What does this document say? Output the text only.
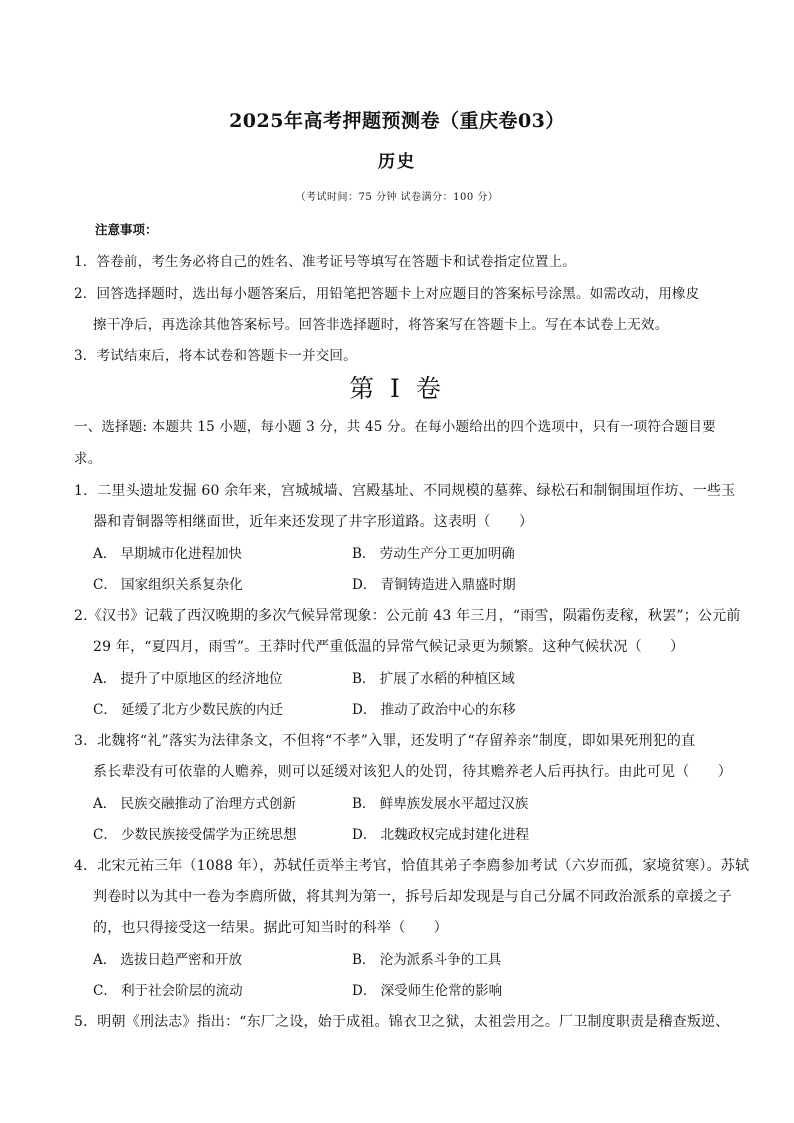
2025年高考押题预测卷（重庆卷03）
历史
（考试时间：75 分钟 试卷满分：100 分）
注意事项：
1．答卷前，考生务必将自己的姓名、准考证号等填写在答题卡和试卷指定位置上。
2．回答选择题时，选出每小题答案后，用铅笔把答题卡上对应题目的答案标号涂黑。如需改动，用橡皮
擦干净后，再选涂其他答案标号。回答非选择题时，将答案写在答题卡上。写在本试卷上无效。
3．考试结束后，将本试卷和答题卡一并交回。
第 I 卷
一、选择题: 本题共 15 小题，每小题 3 分，共 45 分。在每小题给出的四个选项中，只有一项符合题目要
求。
1．二里头遗址发掘 60 余年来，宫城城墙、宫殿基址、不同规模的墓葬、绿松石和制铜围垣作坊、一些玉
器和青铜器等相继面世，近年来还发现了井字形道路。这表明（　　）
A． 早期城市化进程加快	B． 劳动生产分工更加明确
C． 国家组织关系复杂化	D． 青铜铸造进入鼎盛时期
2.《汉书》记载了西汉晚期的多次气候异常现象：公元前 43 年三月，“雨雪，陨霜伤麦稼，秋罢”；公元前
29 年，“夏四月，雨雪”。王莽时代严重低温的异常气候记录更为频繁。这种气候状况（　　）
A． 提升了中原地区的经济地位	B． 扩展了水稻的种植区域
C． 延缓了北方少数民族的内迁	D． 推动了政治中心的东移
3．北魏将“礼”落实为法律条文，不但将“不孝”入罪，还发明了“存留养亲”制度，即如果死刑犯的直
系长辈没有可依靠的人赡养，则可以延缓对该犯人的处罚，待其赡养老人后再执行。由此可见（　　）
A． 民族交融推动了治理方式创新	B． 鲜卑族发展水平超过汉族
C． 少数民族接受儒学为正统思想	D． 北魏政权完成封建化进程
4．北宋元祐三年（1088 年），苏轼任贡举主考官，恰值其弟子李廌参加考试（六岁而孤，家境贫寒）。苏轼
判卷时以为其中一卷为李廌所做，将其判为第一，拆号后却发现是与自己分属不同政治派系的章援之子
的，也只得接受这一结果。据此可知当时的科举（　　）
A． 选拔日趋严密和开放	B． 沦为派系斗争的工具
C． 利于社会阶层的流动	D． 深受师生伦常的影响
5．明朝《刑法志》指出：“东厂之设，始于成祖。锦衣卫之狱，太祖尝用之。厂卫制度职责是稽查叛逆、
